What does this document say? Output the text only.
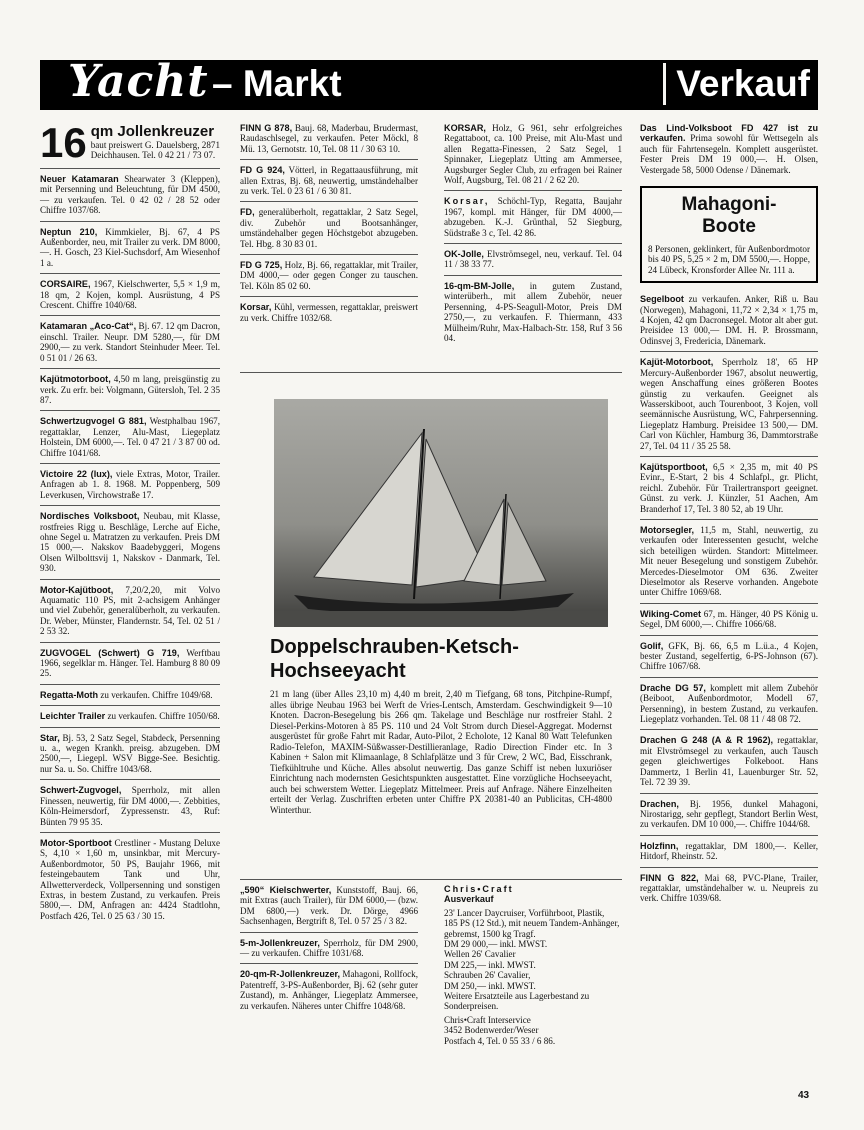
Yacht – Markt	Verkauf
16 qm Jollenkreuzer
baut preiswert G. Dauelsberg, 2871 Deichhausen. Tel. 0 42 21 / 73 07.
Neuer Katamaran Shearwater 3 (Kleppen), mit Persenning und Beleuchtung, für DM 4500,— zu verkaufen. Tel. 0 42 02 / 28 52 oder Chiffre 1037/68.
Neptun 210, Kimmkieler, Bj. 67, 4 PS Außenborder, neu, mit Trailer zu verk. DM 8000,—. H. Gosch, 23 Kiel-Suchsdorf, Am Wiesenhof 1 a.
CORSAIRE, 1967, Kielschwerter, 5,5 × 1,9 m, 18 qm, 2 Kojen, kompl. Ausrüstung, 4 PS Crescent. Chiffre 1040/68.
Katamaran „Aco-Cat“, Bj. 67. 12 qm Dacron, einschl. Trailer. Neupr. DM 5280,—, für DM 2900,— zu verk. Standort Steinhuder Meer. Tel. 0 51 01 / 26 63.
Kajütmotorboot, 4,50 m lang, preisgünstig zu verk. Zu erfr. bei: Volgmann, Gütersloh, Tel. 2 35 87.
Schwertzugvogel G 881, Westphalbau 1967, regattaklar, Lenzer, Alu-Mast, Liegeplatz Holstein, DM 6000,—. Tel. 0 47 21 / 3 87 00 od. Chiffre 1041/68.
Victoire 22 (lux), viele Extras, Motor, Trailer. Anfragen ab 1. 8. 1968. M. Poppenberg, 509 Leverkusen, Virchowstraße 17.
Nordisches Volksboot, Neubau, mit Klasse, rostfreies Rigg u. Beschläge, Lerche auf Eiche, ohne Segel u. Matratzen zu verkaufen. Preis DM 15 000,—. Nakskov Baadebyggeri, Mogens Olsen Wilbolttsvij 1, Nakskov - Danmark, Tel. 930.
Motor-Kajütboot, 7,20/2,20, mit Volvo Aquamatic 110 PS, mit 2-achsigem Anhänger und viel Zubehör, generalüberholt, zu verkaufen. Dr. Weber, Münster, Flandernstr. 54, Tel. 02 51 / 2 53 32.
ZUGVOGEL (Schwert) G 719, Werftbau 1966, segelklar m. Hänger. Tel. Hamburg 8 80 09 25.
Regatta-Moth zu verkaufen. Chiffre 1049/68.
Leichter Trailer zu verkaufen. Chiffre 1050/68.
Star, Bj. 53, 2 Satz Segel, Stabdeck, Persenning u. a., wegen Krankh. preisg. abzugeben. DM 2500,—, Liegepl. WSV Bigge-See. Besichtig. nur Sa. u. So. Chiffre 1043/68.
Schwert-Zugvogel, Sperrholz, mit allen Finessen, neuwertig, für DM 4000,—. Zebbities, Köln-Heimersdorf, Zypressenstr. 43, Ruf: Bünten 79 95 35.
Motor-Sportboot Crestliner - Mustang Deluxe S, 4,10 × 1,60 m, unsinkbar, mit Mercury-Außenbordmotor, 50 PS, Baujahr 1966, mit festeingebautem Tank und Uhr, Allwetterverdeck, Vollpersenning und sonstigen Extras, in bestem Zustand, zu verkaufen. Preis 5800,—. DM, Anfragen an: 4424 Stadtlohn, Postfach 426, Tel. 0 25 63 / 30 15.
FINN G 878, Bauj. 68, Maderbau, Brudermast, Raudaschlsegel, zu verkaufen. Peter Möckl, 8 Mü. 13, Gernotstr. 10, Tel. 08 11 / 30 63 10.
FD G 924, Vötterl, in Regattaausführung, mit allen Extras, Bj. 68, neuwertig, umständehalber zu verk. Tel. 0 23 61 / 6 30 81.
FD, generalüberholt, regattaklar, 2 Satz Segel, div. Zubehör und Bootsanhänger, umständehalber gegen Höchstgebot abzugeben. Tel. Hbg. 8 30 83 01.
FD G 725, Holz, Bj. 66, regattaklar, mit Trailer, DM 4000,— oder gegen Conger zu tauschen. Tel. Köln 85 02 60.
Korsar, Kühl, vermessen, regattaklar, preiswert zu verk. Chiffre 1032/68.
KORSAR, Holz, G 961, sehr erfolgreiches Regattaboot, ca. 100 Preise, mit Alu-Mast und allen Regatta-Finessen, 2 Satz Segel, 1 Spinnaker, Liegeplatz Utting am Ammersee, Augsburger Segler Club, zu erfragen bei Rainer Wolf, Augsburg, Tel. 08 21 / 2 62 20.
Korsar, Schöchl-Typ, Regatta, Baujahr 1967, kompl. mit Hänger, für DM 4000,— abzugeben. K.-J. Grünthal, 52 Siegburg, Südstraße 3 c, Tel. 42 86.
OK-Jolle, Elvströmsegel, neu, verkauf. Tel. 04 11 / 38 33 77.
16-qm-BM-Jolle, in gutem Zustand, winterüberh., mit allem Zubehör, neuer Persenning, 4-PS-Seagull-Motor, Preis DM 2750,—, zu verkaufen. F. Thiermann, 433 Mülheim/Ruhr, Max-Halbach-Str. 158, Ruf 3 56 04.
Das Lind-Volksboot FD 427 ist zu verkaufen. Prima sowohl für Wettsegeln als auch für Fahrtensegeln. Komplett ausgerüstet. Fester Preis DM 19 000,—. H. Olsen, Vestergade 58, 5000 Odense / Dänemark.
Mahagoni-
Boote
8 Personen, geklinkert, für Außenbordmotor bis 40 PS, 5,25 × 2 m, DM 5500,—. Hoppe, 24 Lübeck, Kronsforder Allee Nr. 111 a.
Segelboot zu verkaufen. Anker, Riß u. Bau (Norwegen), Mahagoni, 11,72 × 2,34 × 1,75 m, 4 Kojen, 42 qm Dacronsegel. Motor alt aber gut. Preisidee 13 000,— DM. H. P. Brossmann, Odinsvej 3, Fredericia, Dänemark.
Kajüt-Motorboot, Sperrholz 18', 65 HP Mercury-Außenborder 1967, absolut neuwertig, wegen Anschaffung eines größeren Bootes günstig zu verkaufen. Geeignet als Wasserskiboot, auch Tourenboot, 3 Kojen, voll seemännische Ausrüstung, WC, Fahrpersenning. Liegeplatz Hamburg. Preisidee 13 500,— DM. Carl von Küchler, Hamburg 36, Dammtorstraße 27, Tel. 04 11 / 35 25 58.
Kajütsportboot, 6,5 × 2,35 m, mit 40 PS Evinr., E-Start, 2 bis 4 Schlafpl., gr. Plicht, reichl. Zubehör. Für Trailertransport geeignet. Günst. zu verk. J. Künzler, 51 Aachen, Am Branderhof 17, Tel. 3 80 52, ab 19 Uhr.
Motorsegler, 11,5 m, Stahl, neuwertig, zu verkaufen oder Interessenten gesucht, welche sich beteiligen würden. Standort: Mittelmeer. Mit neuer Besegelung und sonstigem Zubehör. Mercedes-Dieselmotor OM 636. Zweiter Dieselmotor als Reserve vorhanden. Angebote unter Chiffre 1069/68.
Wiking-Comet 67, m. Hänger, 40 PS König u. Segel, DM 6000,—. Chiffre 1066/68.
Golif, GFK, Bj. 66, 6,5 m L.ü.a., 4 Kojen, bester Zustand, segelfertig, 6-PS-Johnson (67). Chiffre 1067/68.
Drache DG 57, komplett mit allem Zubehör (Beiboot, Außenbordmotor, Modell 67, Persenning), in bestem Zustand, zu verkaufen. Liegeplatz vorhanden. Tel. 08 11 / 48 08 72.
Drachen G 248 (A & R 1962), regattaklar, mit Elvströmsegel zu verkaufen, auch Tausch gegen gleichwertiges Folkeboot. Hans Dammertz, 1 Berlin 41, Lauenburger Str. 52, Tel. 72 39 39.
Drachen, Bj. 1956, dunkel Mahagoni, Nirostarigg, sehr gepflegt, Standort Berlin West, zu verkaufen. DM 10 000,—. Chiffre 1044/68.
Holzfinn, regattaklar, DM 1800,—. Keller, Hitdorf, Rheinstr. 52.
FINN G 822, Mai 68, PVC-Plane, Trailer, regattaklar, umständehalber w. u. Neupreis zu verk. Chiffre 1039/68.
Doppelschrauben-Ketsch-Hochseeyacht
21 m lang (über Alles 23,10 m) 4,40 m breit, 2,40 m Tiefgang, 68 tons, Pitchpine-Rumpf, alles übrige Neubau 1963 bei Werft de Vries-Lentsch, Amsterdam. Geschwindigkeit 9—10 Knoten. Dacron-Besegelung bis 266 qm. Takelage und Beschläge nur rostfreier Stahl. 2 Diesel-Perkins-Motoren à 85 PS. 110 und 24 Volt Strom durch Diesel-Aggregat. Modernst ausgerüstet für große Fahrt mit Radar, Auto-Pilot, 2 Echolote, 12 Kanal 80 Watt Telefunken Radio-Telefon, MAXIM-Süßwasser-Destillieranlage, Radio Direction Finder etc. In 3 Kabinen + Salon mit Klimaanlage, 8 Schlafplätze und 3 für Crew, 2 WC, Bad, Eisschrank, Tiefkühltruhe und Küche. Alles absolut neuwertig. Das ganze Schiff ist neben luxuriöser Einrichtung nach modernsten Gesichtspunkten ausgestattet. Eine vorzügliche Hochseeyacht, auch bei schwerstem Wetter. Liegeplatz Mittelmeer. Preis auf Anfrage. Nähere Einzelheiten erteilt der Verlag. Zuschriften erbeten unter Chiffre PX 20381-40 an Publicitas, CH-4800 Winterthur.
„590“ Kielschwerter, Kunststoff, Bauj. 66, mit Extras (auch Trailer), für DM 6000,— (bzw. DM 6800,—) verk. Dr. Dörge, 4966 Sachsenhagen, Bergtrift 8, Tel. 0 57 25 / 3 82.
5-m-Jollenkreuzer, Sperrholz, für DM 2900,— zu verkaufen. Chiffre 1031/68.
20-qm-R-Jollenkreuzer, Mahagoni, Rollfock, Patentreff, 3-PS-Außenborder, Bj. 62 (sehr guter Zustand), m. Anhänger, Liegeplatz Ammersee, zu verkaufen. Näheres unter Chiffre 1048/68.
Chris•Craft
Ausverkauf
23' Lancer Daycruiser, Vorführboot, Plastik, 185 PS (12 Std.), mit neuem Tandem-Anhänger, gebremst, 1500 kg Tragf.
DM 29 000,— inkl. MWST.
Wellen 26' Cavalier
DM 225,— inkl. MWST.
Schrauben 26' Cavalier,
DM 250,— inkl. MWST.
Weitere Ersatzteile aus Lagerbestand zu Sonderpreisen.
Chris•Craft Interservice
3452 Bodenwerder/Weser
Postfach 4, Tel. 0 55 33 / 6 86.
43
